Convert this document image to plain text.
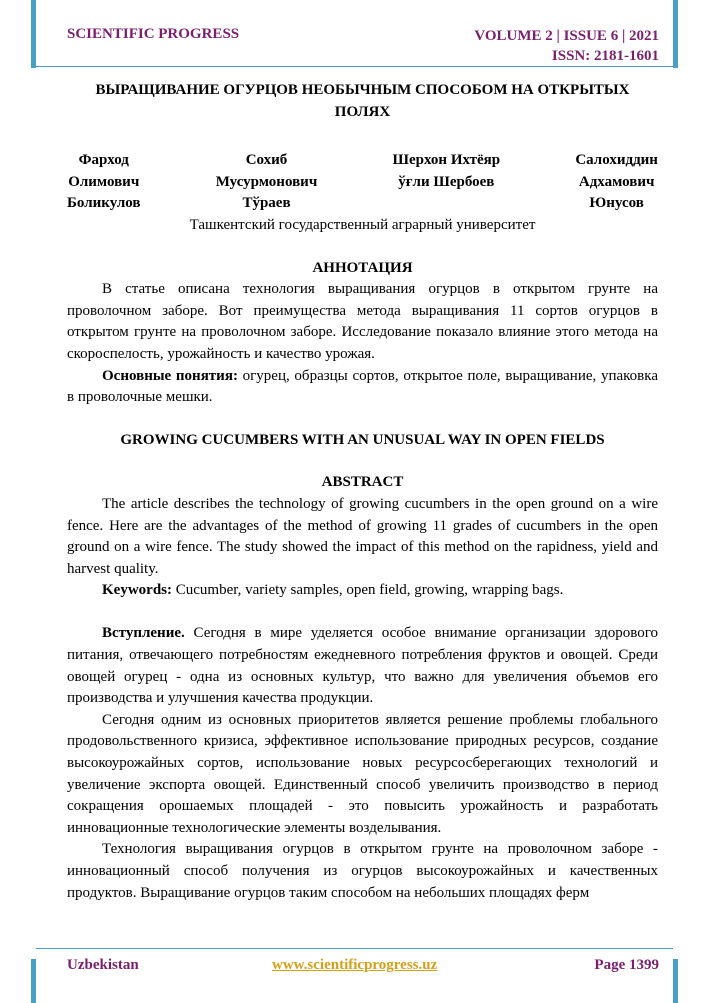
SCIENTIFIC PROGRESS	VOLUME 2 | ISSUE 6 | 2021
ISSN: 2181-1601

ВЫРАЩИВАНИЕ ОГУРЦОВ НЕОБЫЧНЫМ СПОСОБОМ НА ОТКРЫТЫХ ПОЛЯХ

Фарход
Олимович
Боликулов
Сохиб
Мусурмонович
Тўраев
Шерхон Ихтёяр
ўғли Шербоев
Салохиддин
Адхамович
Юнусов

Ташкентский государственный аграрный университет

АННОТАЦИЯ

В статье описана технология выращивания огурцов в открытом грунте на проволочном заборе. Вот преимущества метода выращивания 11 сортов огурцов в открытом грунте на проволочном заборе. Исследование показало влияние этого метода на скороспелость, урожайность и качество урожая.

Основные понятия: огурец, образцы сортов, открытое поле, выращивание, упаковка в проволочные мешки.

GROWING CUCUMBERS WITH AN UNUSUAL WAY IN OPEN FIELDS

ABSTRACT

The article describes the technology of growing cucumbers in the open ground on a wire fence. Here are the advantages of the method of growing 11 grades of cucumbers in the open ground on a wire fence. The study showed the impact of this method on the rapidness, yield and harvest quality.

Keywords: Cucumber, variety samples, open field, growing, wrapping bags.

Вступление. Сегодня в мире уделяется особое внимание организации здорового питания, отвечающего потребностям ежедневного потребления фруктов и овощей. Среди овощей огурец - одна из основных культур, что важно для увеличения объемов его производства и улучшения качества продукции.

Сегодня одним из основных приоритетов является решение проблемы глобального продовольственного кризиса, эффективное использование природных ресурсов, создание высокоурожайных сортов, использование новых ресурсосберегающих технологий и увеличение экспорта овощей. Единственный способ увеличить производство в период сокращения орошаемых площадей - это повысить урожайность и разработать инновационные технологические элементы возделывания.

Технология выращивания огурцов в открытом грунте на проволочном заборе - инновационный способ получения из огурцов высокоурожайных и качественных продуктов. Выращивание огурцов таким способом на небольших площадях ферм

Uzbekistan	www.scientificprogress.uz	Page 1399
